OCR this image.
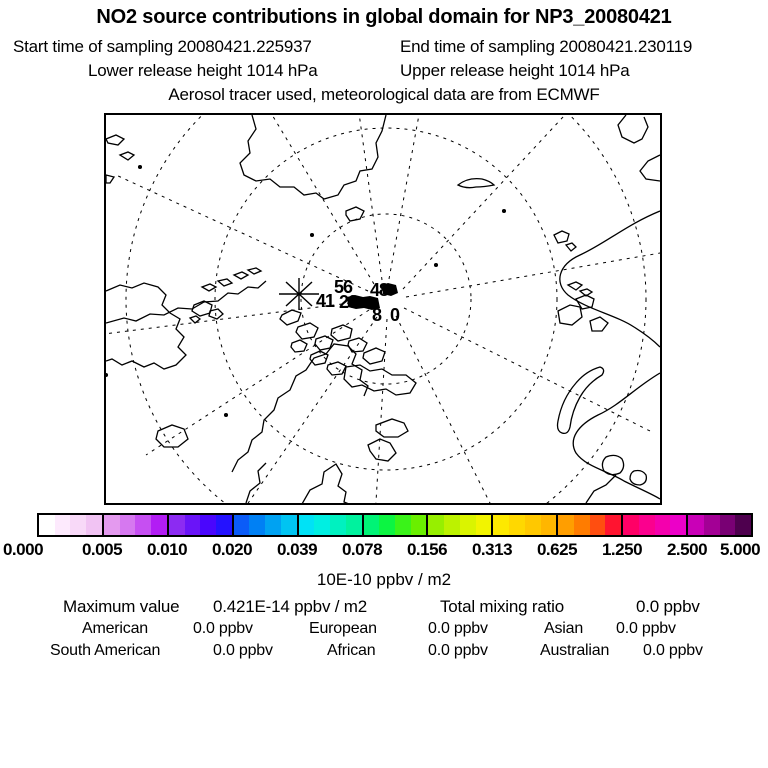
NO2 source contributions in global domain for NP3_20080421
Start time of sampling 20080421.225937	End time of sampling 20080421.230119
Lower release height 1014 hPa	Upper release height 1014 hPa
Aerosol tracer used, meteorological data are from ECMWF
56 48
41 20
8 0
0.000 0.005 0.010 0.020 0.039 0.078 0.156 0.313 0.625 1.250 2.500 5.000
10E-10 ppbv / m2
Maximum value 0.421E-14 ppbv / m2	Total mixing ratio	0.0 ppbv
American	0.0 ppbv	European	0.0 ppbv	Asian 0.0 ppbv
South American	0.0 ppbv	African	0.0 ppbv	Australian 0.0 ppbv
